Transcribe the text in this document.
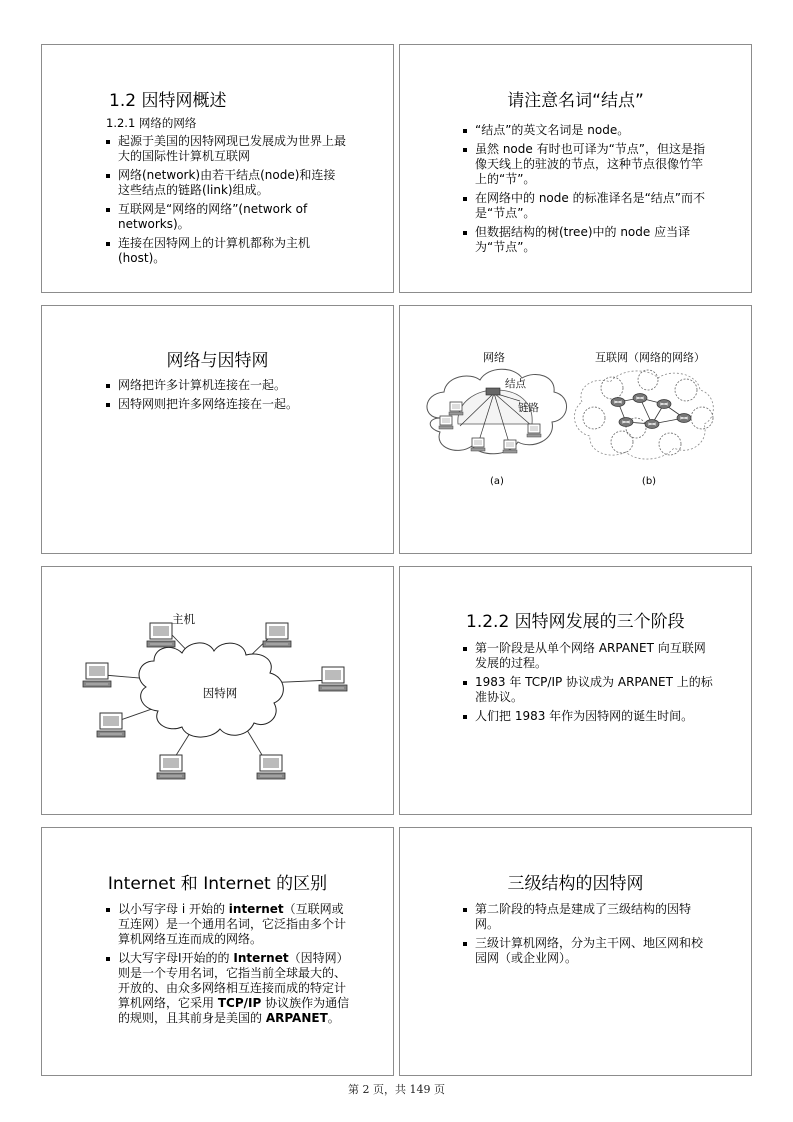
1.2 因特网概述
1.2.1 网络的网络
起源于美国的因特网现已发展成为世界上最大的国际性计算机互联网
网络(network)由若干结点(node)和连接这些结点的链路(link)组成。
互联网是“网络的网络”(network of networks)。
连接在因特网上的计算机都称为主机(host)。
请注意名词“结点”
“结点”的英文名词是 node。
虽然 node 有时也可译为“节点”，但这是指像天线上的驻波的节点，这种节点很像竹竿上的“节”。
在网络中的 node 的标准译名是“结点”而不是“节点”。
但数据结构的树(tree)中的 node 应当译为“节点”。
网络与因特网
网络把许多计算机连接在一起。
因特网则把许多网络连接在一起。
网络	互联网（网络的网络）
结点
链路
(a)	(b)
因特网
主机	1.2.2 因特网发展的三个阶段
第一阶段是从单个网络 ARPANET 向互联网发展的过程。
1983 年 TCP/IP 协议成为 ARPANET 上的标准协议。
人们把 1983 年作为因特网的诞生时间。
Internet 和 Internet 的区别
以小写字母 i 开始的 internet（互联网或互连网）是一个通用名词，它泛指由多个计算机网络互连而成的网络。
以大写字母I开始的的 Internet（因特网）则是一个专用名词，它指当前全球最大的、开放的、由众多网络相互连接而成的特定计算机网络，它采用 TCP/IP 协议族作为通信的规则，且其前身是美国的 ARPANET。
三级结构的因特网
第二阶段的特点是建成了三级结构的因特网。
三级计算机网络，分为主干网、地区网和校园网（或企业网）。
第 2 页，共 149 页
